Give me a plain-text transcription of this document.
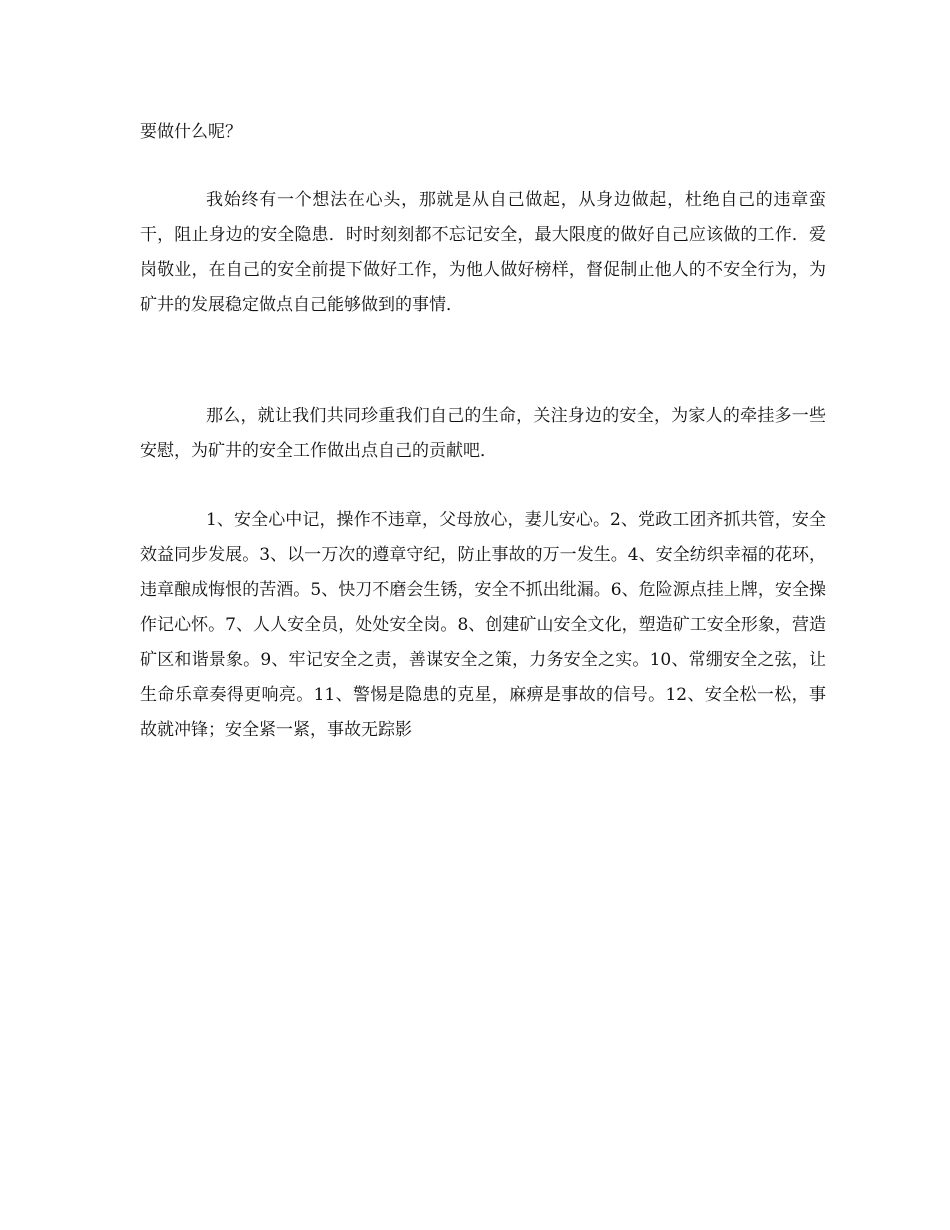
要做什么呢？

我始终有一个想法在心头，那就是从自己做起，从身边做起，杜绝自己的违章蛮干，阻止身边的安全隐患．时时刻刻都不忘记安全，最大限度的做好自己应该做的工作．爱岗敬业，在自己的安全前提下做好工作，为他人做好榜样，督促制止他人的不安全行为，为矿井的发展稳定做点自己能够做到的事情．

那么，就让我们共同珍重我们自己的生命，关注身边的安全，为家人的牵挂多一些安慰，为矿井的安全工作做出点自己的贡献吧．

1、安全心中记，操作不违章，父母放心，妻儿安心。2、党政工团齐抓共管，安全效益同步发展。3、以一万次的遵章守纪，防止事故的万一发生。4、安全纺织幸福的花环，违章酿成悔恨的苦酒。5、快刀不磨会生锈，安全不抓出纰漏。6、危险源点挂上牌，安全操作记心怀。7、人人安全员，处处安全岗。8、创建矿山安全文化，塑造矿工安全形象，营造矿区和谐景象。9、牢记安全之责，善谋安全之策，力务安全之实。10、常绷安全之弦，让生命乐章奏得更响亮。11、警惕是隐患的克星，麻痹是事故的信号。12、安全松一松，事故就冲锋；安全紧一紧，事故无踪影
